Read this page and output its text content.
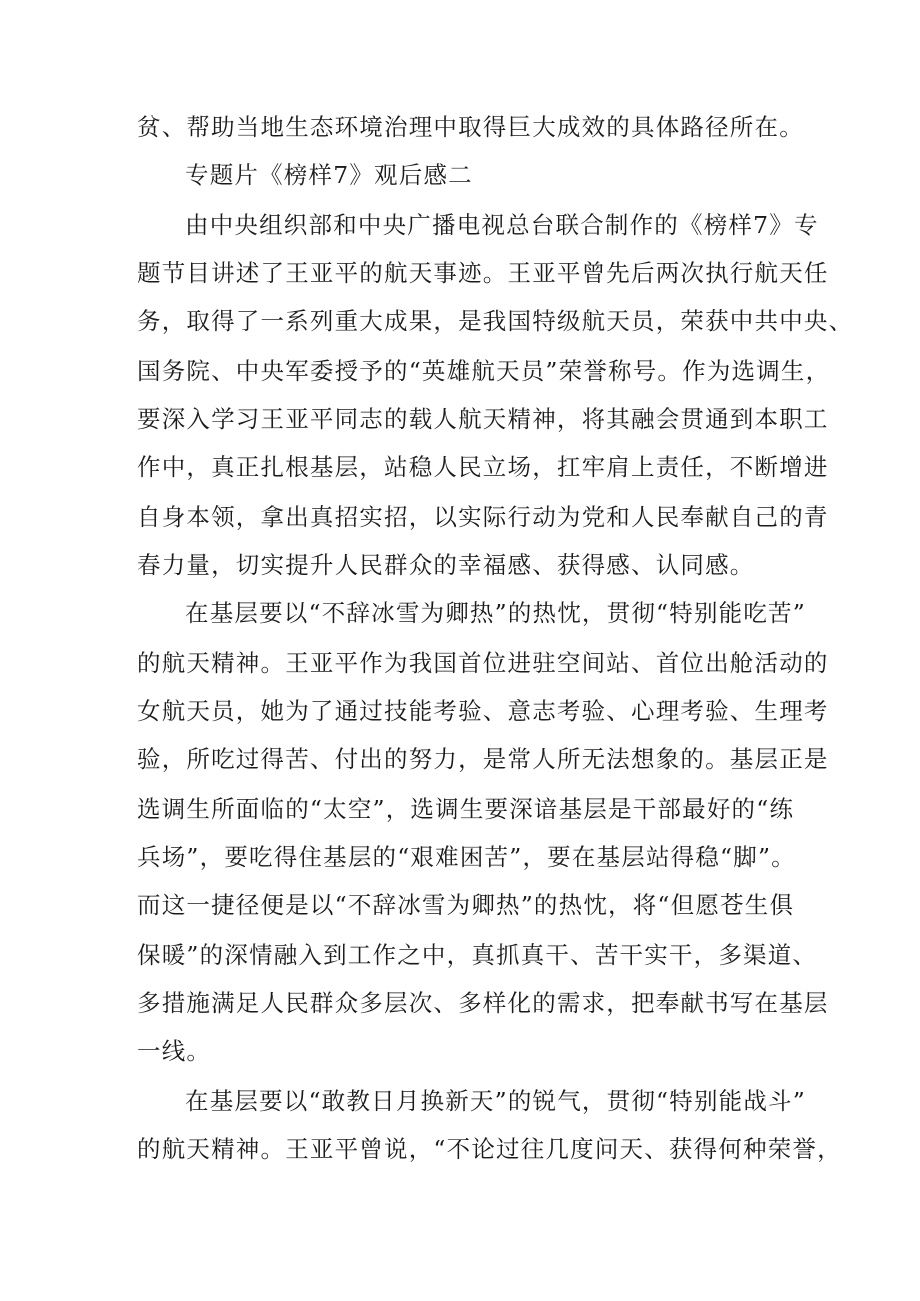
贫、帮助当地生态环境治理中取得巨大成效的具体路径所在。
专题片《榜样7》观后感二
由中央组织部和中央广播电视总台联合制作的《榜样7》专
题节目讲述了王亚平的航天事迹。王亚平曾先后两次执行航天任
务，取得了一系列重大成果，是我国特级航天员，荣获中共中央、
国务院、中央军委授予的“英雄航天员”荣誉称号。作为选调生，
要深入学习王亚平同志的载人航天精神，将其融会贯通到本职工
作中，真正扎根基层，站稳人民立场，扛牢肩上责任，不断增进
自身本领，拿出真招实招，以实际行动为党和人民奉献自己的青
春力量，切实提升人民群众的幸福感、获得感、认同感。
在基层要以“不辞冰雪为卿热”的热忱，贯彻“特别能吃苦”
的航天精神。王亚平作为我国首位进驻空间站、首位出舱活动的
女航天员，她为了通过技能考验、意志考验、心理考验、生理考
验，所吃过得苦、付出的努力，是常人所无法想象的。基层正是
选调生所面临的“太空”，选调生要深谙基层是干部最好的“练
兵场”，要吃得住基层的“艰难困苦”，要在基层站得稳“脚”。
而这一捷径便是以“不辞冰雪为卿热”的热忱，将“但愿苍生俱
保暖”的深情融入到工作之中，真抓真干、苦干实干，多渠道、
多措施满足人民群众多层次、多样化的需求，把奉献书写在基层
一线。
在基层要以“敢教日月换新天”的锐气，贯彻“特别能战斗”
的航天精神。王亚平曾说，“不论过往几度问天、获得何种荣誉，
